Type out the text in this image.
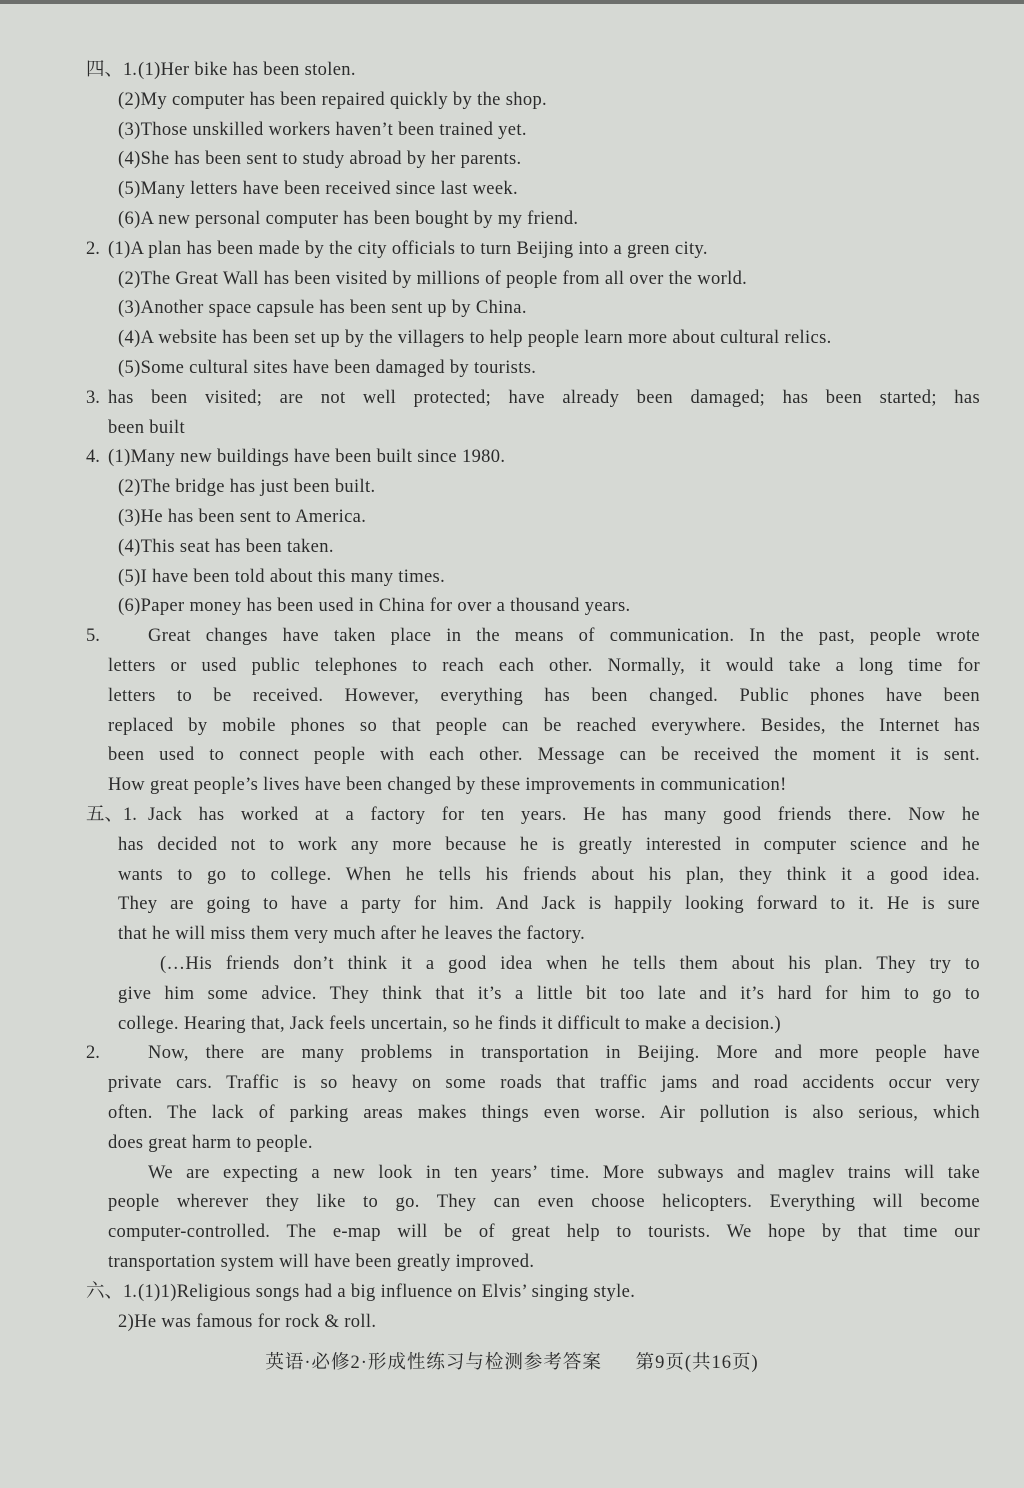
四、1. (1)Her bike has been stolen.
(2)My computer has been repaired quickly by the shop.
(3)Those unskilled workers haven’t been trained yet.
(4)She has been sent to study abroad by her parents.
(5)Many letters have been received since last week.
(6)A new personal computer has been bought by my friend.
2. (1)A plan has been made by the city officials to turn Beijing into a green city.
(2)The Great Wall has been visited by millions of people from all over the world.
(3)Another space capsule has been sent up by China.
(4)A website has been set up by the villagers to help people learn more about cultural relics.
(5)Some cultural sites have been damaged by tourists.
3. has been visited; are not well protected; have already been damaged; has been started; has
been built
4. (1)Many new buildings have been built since 1980.
(2)The bridge has just been built.
(3)He has been sent to America.
(4)This seat has been taken.
(5)I have been told about this many times.
(6)Paper money has been used in China for over a thousand years.
5.	Great changes have taken place in the means of communication. In the past, people wrote
letters or used public telephones to reach each other. Normally, it would take a long time for
letters to be received. However, everything has been changed. Public phones have been
replaced by mobile phones so that people can be reached everywhere. Besides, the Internet has
been used to connect people with each other. Message can be received the moment it is sent.
How great people’s lives have been changed by these improvements in communication!
五、1. Jack has worked at a factory for ten years. He has many good friends there. Now he
has decided not to work any more because he is greatly interested in computer science and he
wants to go to college. When he tells his friends about his plan, they think it a good idea.
They are going to have a party for him. And Jack is happily looking forward to it. He is sure
that he will miss them very much after he leaves the factory.
(…His friends don’t think it a good idea when he tells them about his plan. They try to
give him some advice. They think that it’s a little bit too late and it’s hard for him to go to
college. Hearing that, Jack feels uncertain, so he finds it difficult to make a decision.)
2.	Now, there are many problems in transportation in Beijing. More and more people have
private cars. Traffic is so heavy on some roads that traffic jams and road accidents occur very
often. The lack of parking areas makes things even worse. Air pollution is also serious, which
does great harm to people.
We are expecting a new look in ten years’ time. More subways and maglev trains will take
people wherever they like to go. They can even choose helicopters. Everything will become
computer-controlled. The e-map will be of great help to tourists. We hope by that time our
transportation system will have been greatly improved.
六、1. (1)1)Religious songs had a big influence on Elvis’ singing style.
2)He was famous for rock & roll.
英语·必修2·形成性练习与检测参考答案 第9页(共16页)
